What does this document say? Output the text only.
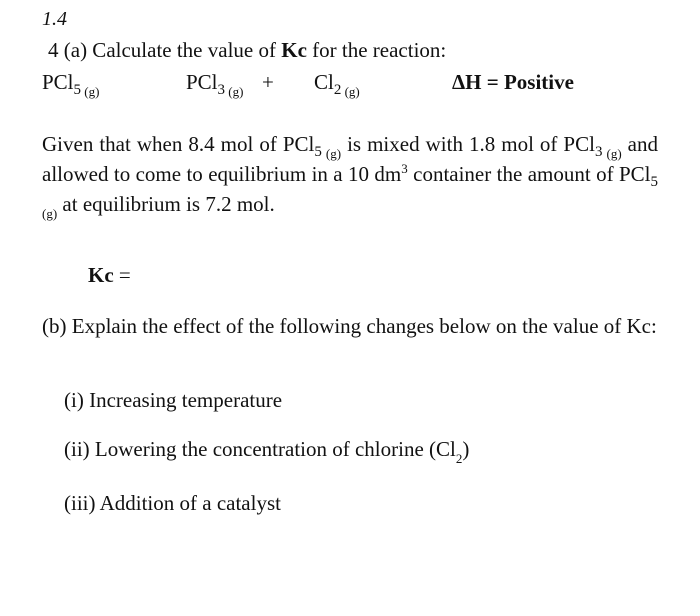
1.4
4 (a) Calculate the value of Kc for the reaction:
PCl$_5$ $_{(g)}$	PCl$_3$ $_{(g)} + Cl_2$ $_{(g)}$	ΔH = Positive
Given that when 8.4 mol of PCl$_5$ $_{(g)}$ is mixed with 1.8 mol of PCl$_3$ $_{(g)}$ and allowed to come to equilibrium in a 10 $dm^3$ container the amount of PCl$_5$ $_{(g)}$ at equilibrium is 7.2 mol.
Kc =
(b) Explain the effect of the following changes below on the value of Kc:
(i) Increasing temperature
(ii) Lowering the concentration of chlorine $(Cl_2)$
(iii) Addition of a catalyst
